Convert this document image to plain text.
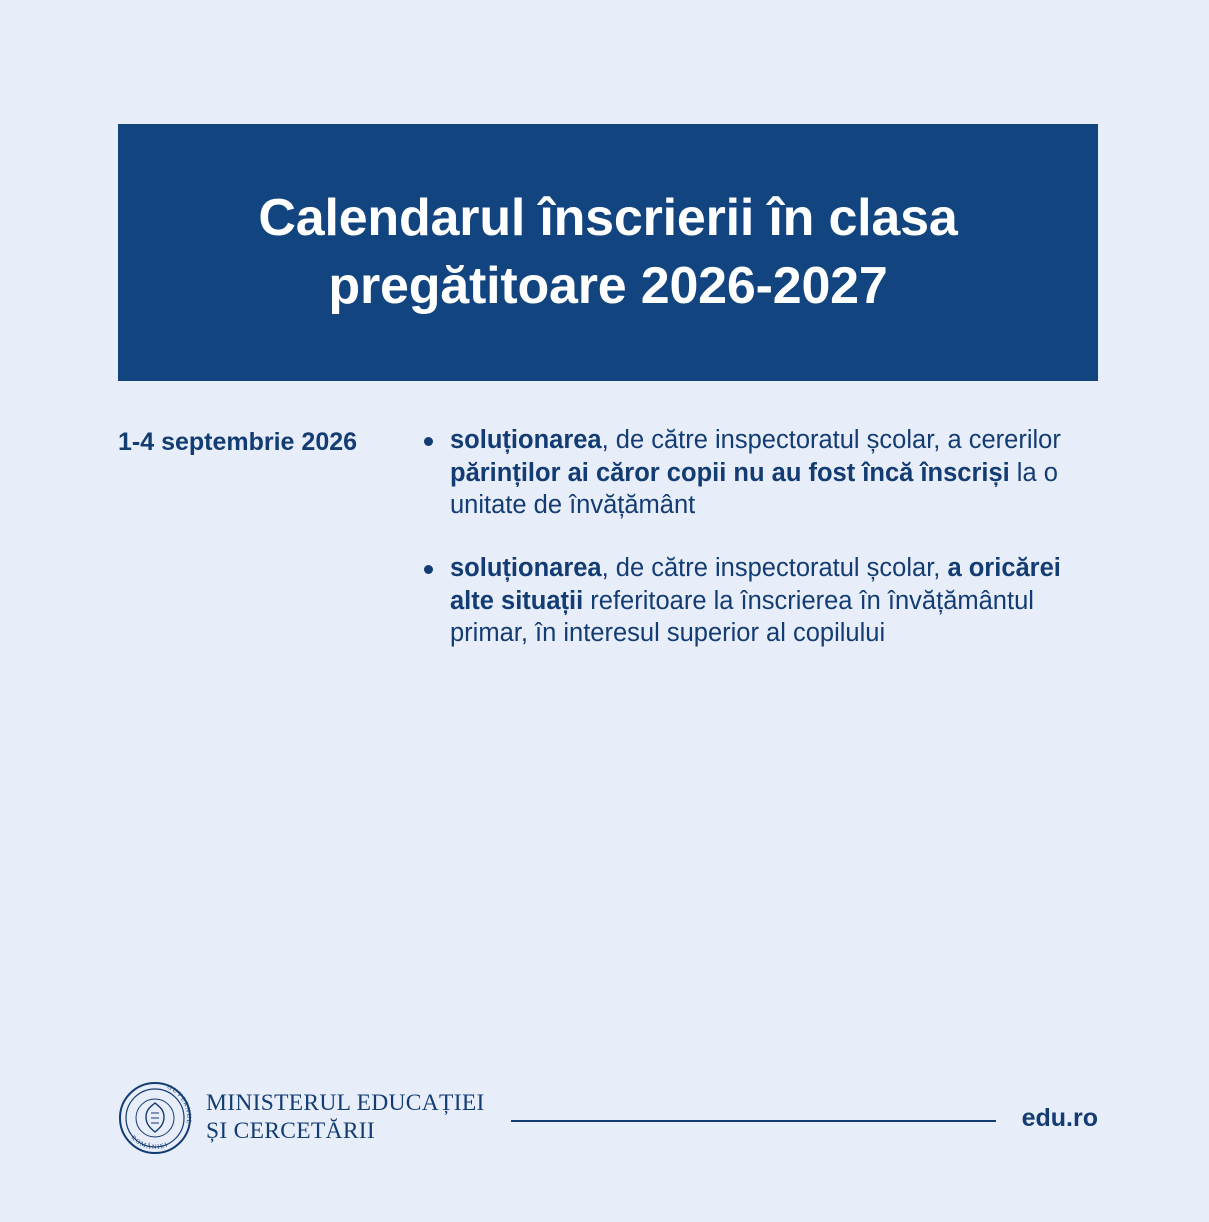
Calendarul înscrierii în clasa pregătitoare 2026-2027
1-4 septembrie 2026	soluționarea, de către inspectoratul școlar, a cererilor părinților ai căror copii nu au fost încă înscriși la o unitate de învățământ
soluționarea, de către inspectoratul școlar, a oricărei alte situații referitoare la înscrierea în învățământul primar, în interesul superior al copilului
GUVERNUL
ROMÂNIEI
MINISTERUL EDUCAȚIEI
ȘI CERCETĂRII	edu.ro
